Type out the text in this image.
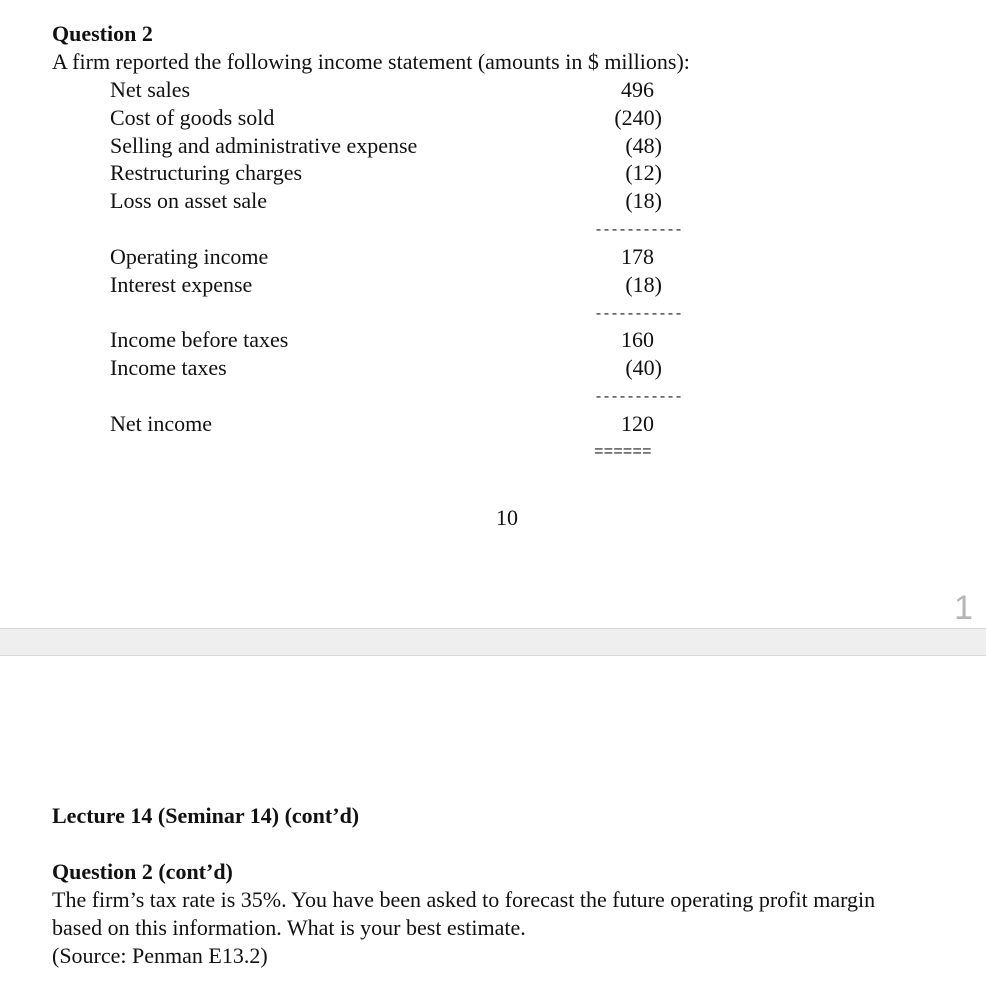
Question 2
A firm reported the following income statement (amounts in $ millions):
Net sales	496
Cost of goods sold	(240)
Selling and administrative expense	(48)
Restructuring charges	(12)
Loss on asset sale	(18)
-----------
Operating income	178
Interest expense	(18)
-----------
Income before taxes	160
Income taxes	(40)
-----------
Net income	120
======
10
1
Lecture 14 (Seminar 14) (cont’d)
Question 2 (cont’d)
The firm’s tax rate is 35%. You have been asked to forecast the future operating profit margin
based on this information. What is your best estimate.
(Source: Penman E13.2)
